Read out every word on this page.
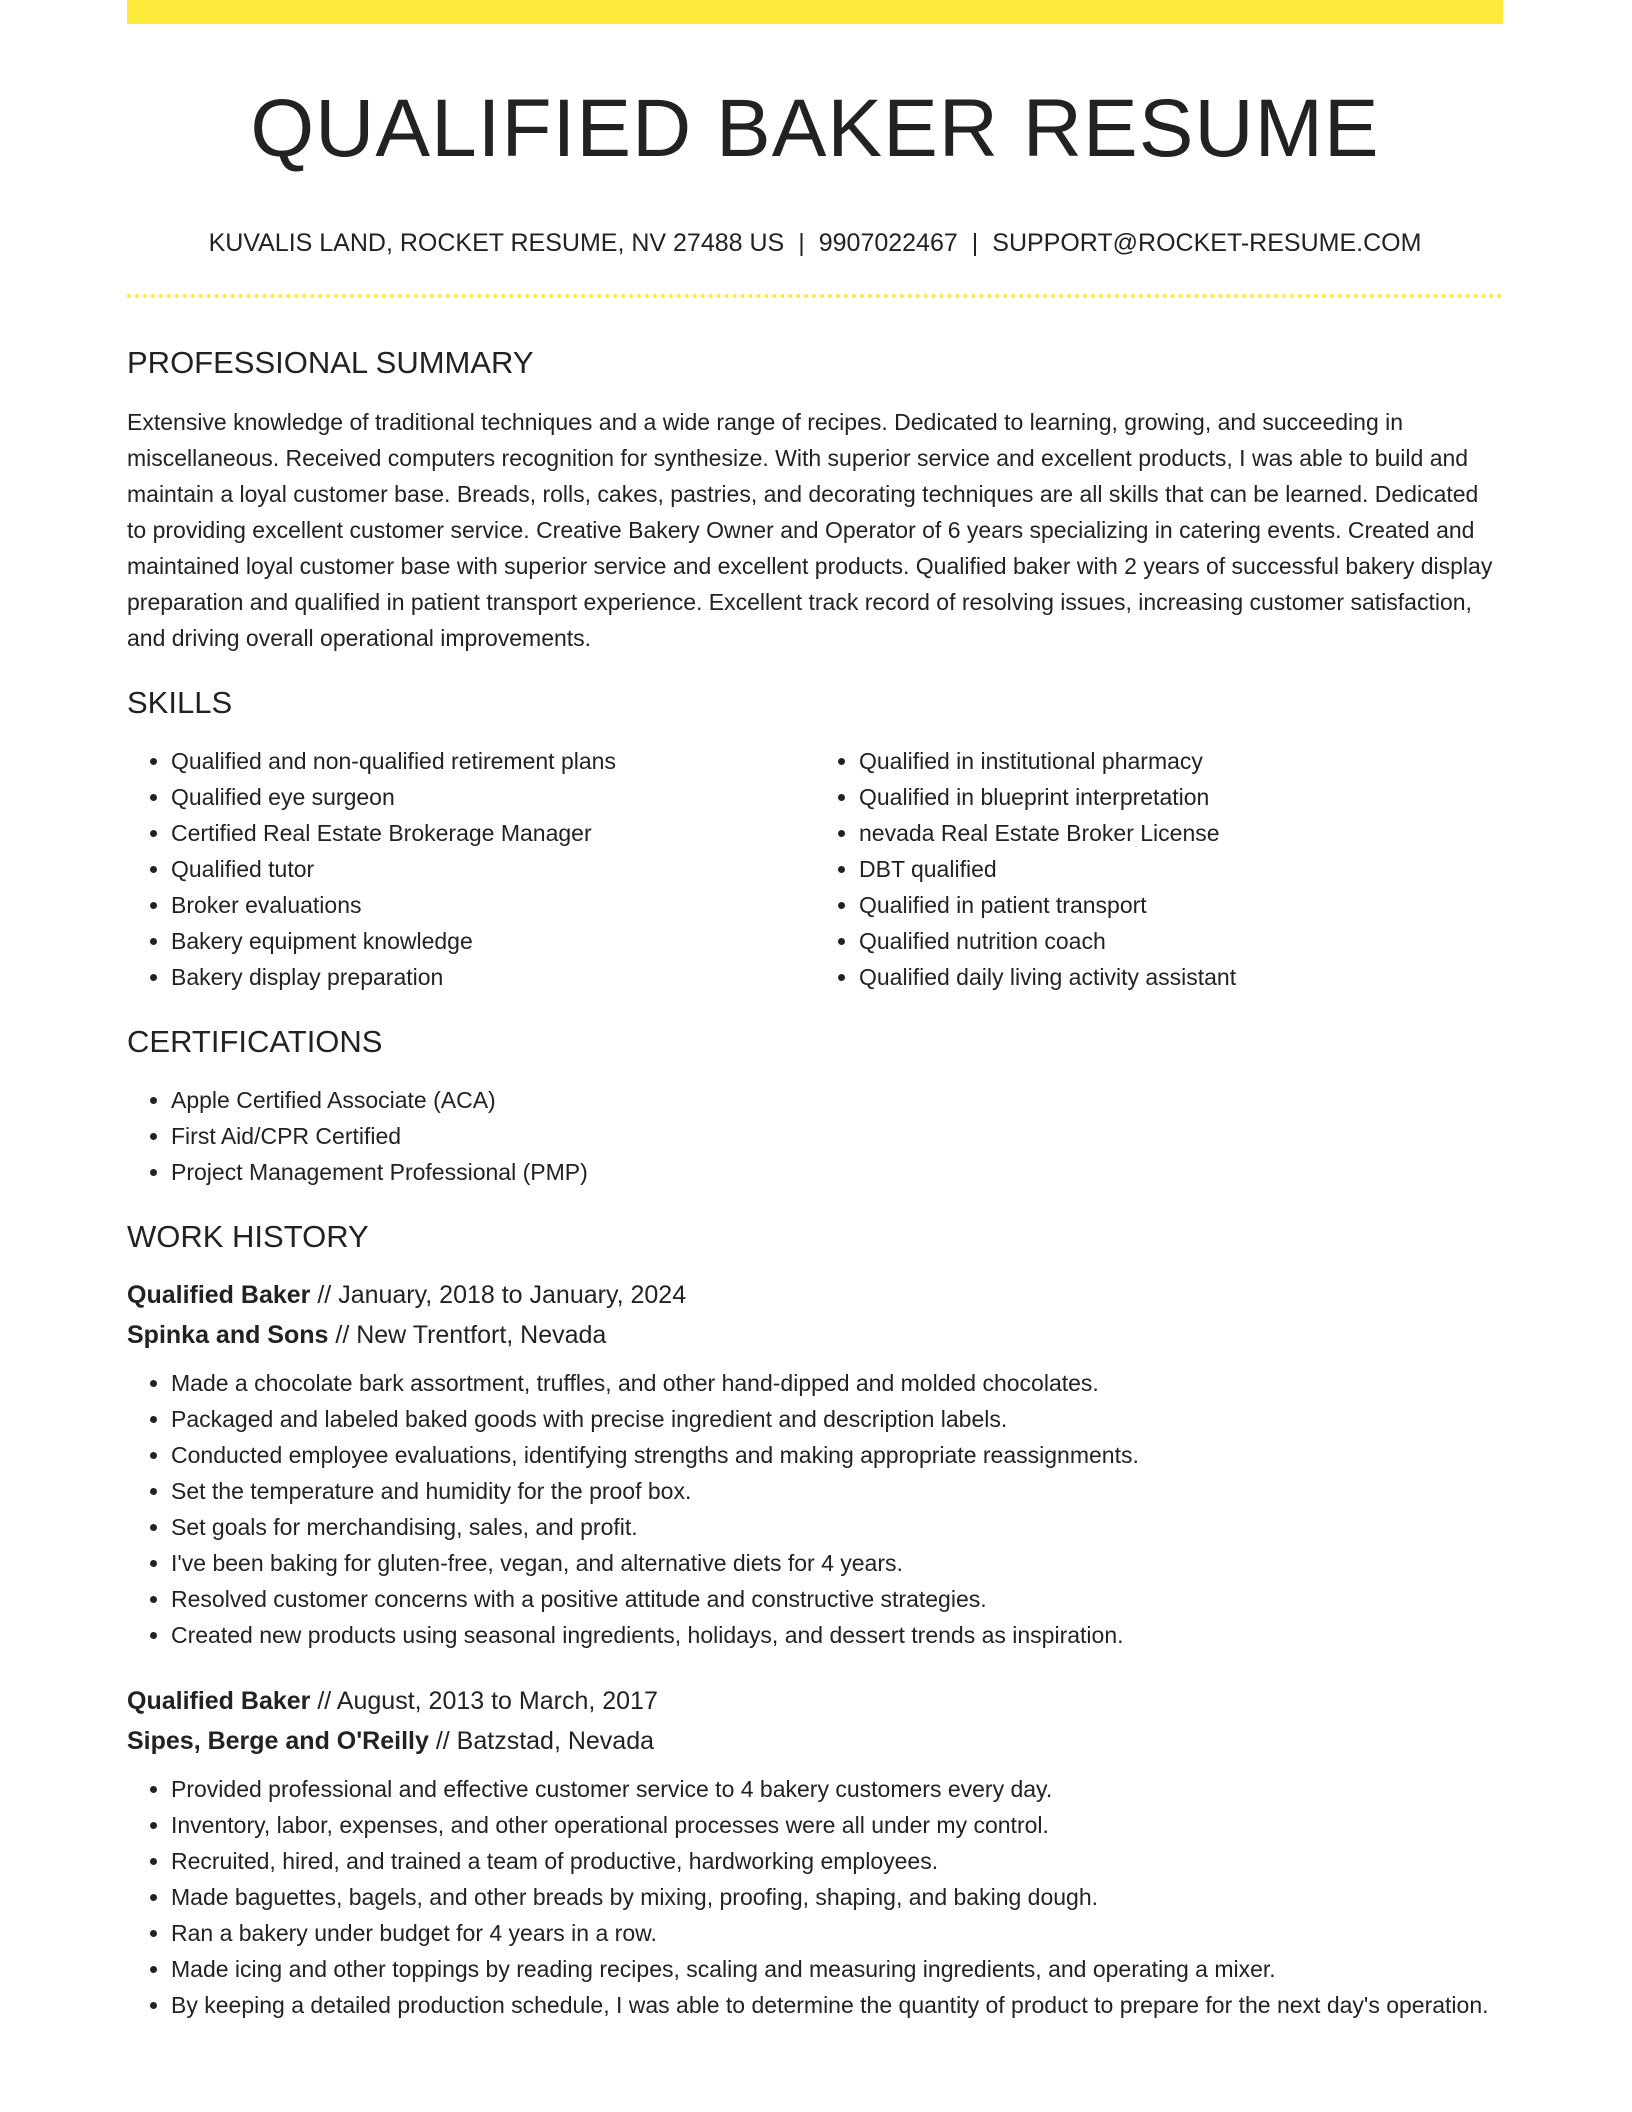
QUALIFIED BAKER RESUME
KUVALIS LAND, ROCKET RESUME, NV 27488 US | 9907022467 | SUPPORT@ROCKET-RESUME.COM
PROFESSIONAL SUMMARY
Extensive knowledge of traditional techniques and a wide range of recipes. Dedicated to learning, growing, and succeeding in miscellaneous. Received computers recognition for synthesize. With superior service and excellent products, I was able to build and maintain a loyal customer base. Breads, rolls, cakes, pastries, and decorating techniques are all skills that can be learned. Dedicated to providing excellent customer service. Creative Bakery Owner and Operator of 6 years specializing in catering events. Created and maintained loyal customer base with superior service and excellent products. Qualified baker with 2 years of successful bakery display preparation and qualified in patient transport experience. Excellent track record of resolving issues, increasing customer satisfaction, and driving overall operational improvements.
SKILLS
• Qualified and non-qualified retirement plans
• Qualified eye surgeon
• Certified Real Estate Brokerage Manager
• Qualified tutor
• Broker evaluations
• Bakery equipment knowledge
• Bakery display preparation
• Qualified in institutional pharmacy
• Qualified in blueprint interpretation
• nevada Real Estate Broker License
• DBT qualified
• Qualified in patient transport
• Qualified nutrition coach
• Qualified daily living activity assistant
CERTIFICATIONS
• Apple Certified Associate (ACA)
• First Aid/CPR Certified
• Project Management Professional (PMP)
WORK HISTORY
Qualified Baker // January, 2018 to January, 2024
Spinka and Sons // New Trentfort, Nevada
• Made a chocolate bark assortment, truffles, and other hand-dipped and molded chocolates.
• Packaged and labeled baked goods with precise ingredient and description labels.
• Conducted employee evaluations, identifying strengths and making appropriate reassignments.
• Set the temperature and humidity for the proof box.
• Set goals for merchandising, sales, and profit.
• I've been baking for gluten-free, vegan, and alternative diets for 4 years.
• Resolved customer concerns with a positive attitude and constructive strategies.
• Created new products using seasonal ingredients, holidays, and dessert trends as inspiration.
Qualified Baker // August, 2013 to March, 2017
Sipes, Berge and O'Reilly // Batzstad, Nevada
• Provided professional and effective customer service to 4 bakery customers every day.
• Inventory, labor, expenses, and other operational processes were all under my control.
• Recruited, hired, and trained a team of productive, hardworking employees.
• Made baguettes, bagels, and other breads by mixing, proofing, shaping, and baking dough.
• Ran a bakery under budget for 4 years in a row.
• Made icing and other toppings by reading recipes, scaling and measuring ingredients, and operating a mixer.
• By keeping a detailed production schedule, I was able to determine the quantity of product to prepare for the next day's operation.
